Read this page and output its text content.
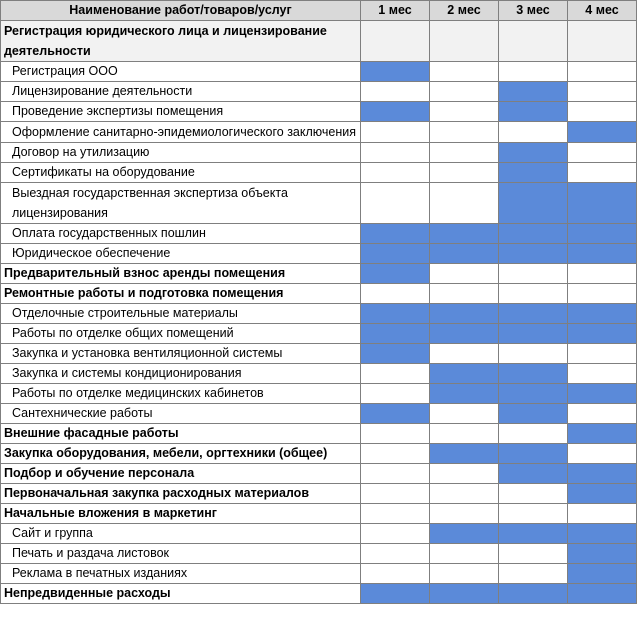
Наименование работ/товаров/услуг	1 мес	2 мес	3 мес	4 мес

Регистрация юридического лица и лицензирование деятельности				

Регистрация ООО				
Лицензирование деятельности				
Проведение экспертизы помещения				

Оформление санитарно-эпидемиологического заключения				

Договор на утилизацию				
Сертификаты на оборудование				

Выездная государственная экспертиза объекта лицензирования				

Оплата государственных пошлин				
Юридическое обеспечение				
Предварительный взнос аренды помещения				
Ремонтные работы и подготовка помещения				
Отделочные строительные материалы				
Работы по отделке общих помещений				
Закупка и установка вентиляционной системы				
Закупка и системы кондиционирования				
Работы по отделке медицинских кабинетов				
Сантехнические работы				
Внешние фасадные работы				
Закупка оборудования, мебели, оргтехники (общее)				
Подбор и обучение персонала				
Первоначальная закупка расходных материалов				
Начальные вложения в маркетинг				
Сайт и группа				
Печать и раздача листовок				
Реклама в печатных изданиях				
Непредвиденные расходы				
